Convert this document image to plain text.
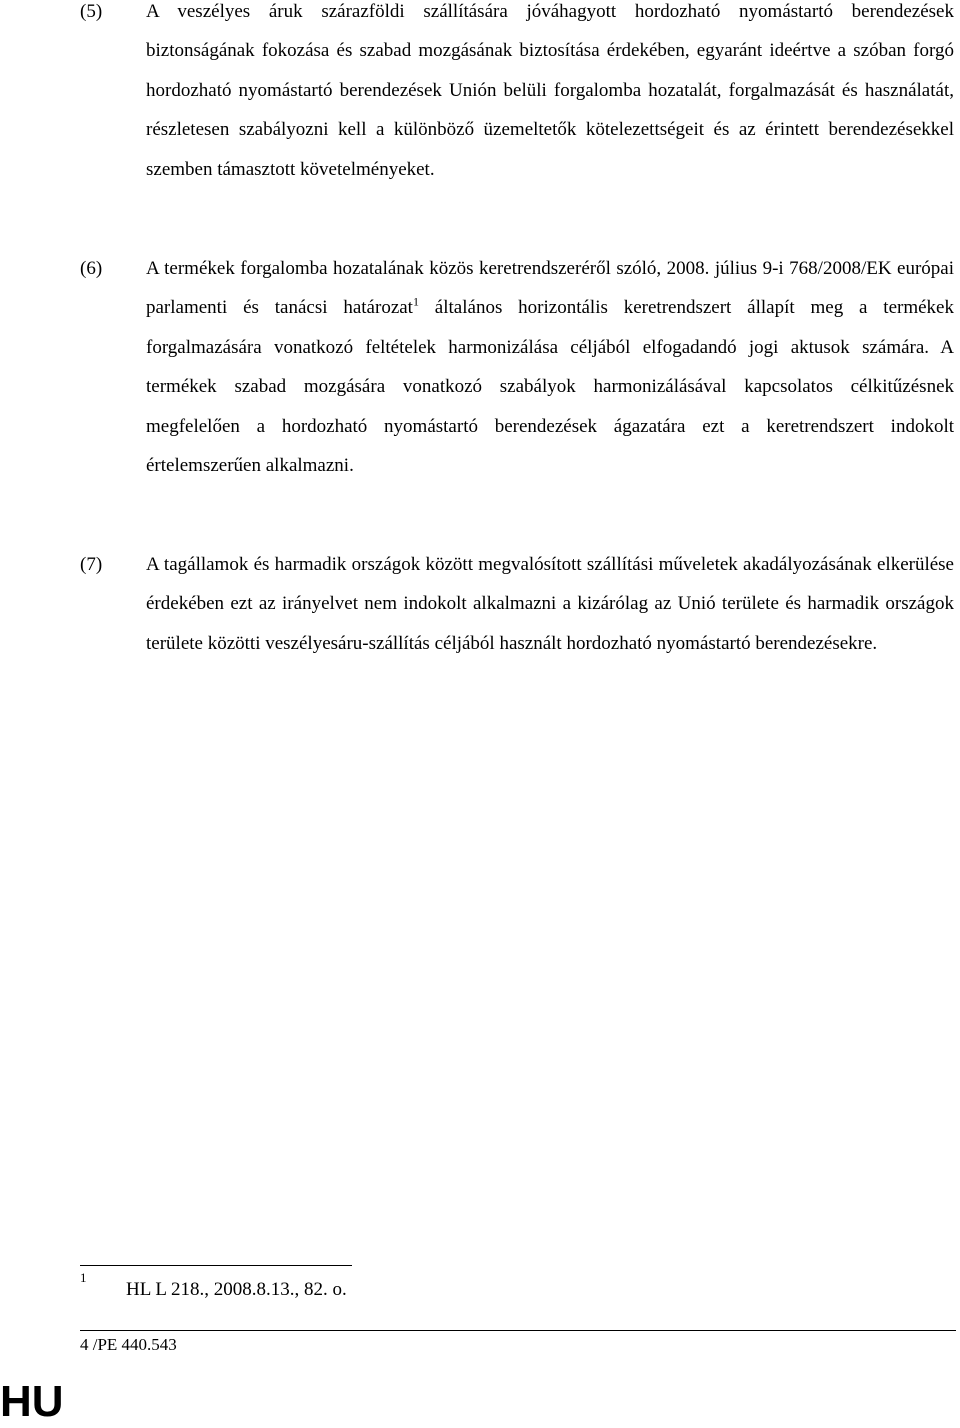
(5) A veszélyes áruk szárazföldi szállítására jóváhagyott hordozható nyomástartó berendezések biztonságának fokozása és szabad mozgásának biztosítása érdekében, egyaránt ideértve a szóban forgó hordozható nyomástartó berendezések Unión belüli forgalomba hozatalát, forgalmazását és használatát, részletesen szabályozni kell a különböző üzemeltetők kötelezettségeit és az érintett berendezésekkel szemben támasztott követelményeket.
(6) A termékek forgalomba hozatalának közös keretrendszeréről szóló, 2008. július 9-i 768/2008/EK európai parlamenti és tanácsi határozat$^1$ általános horizontális keretrendszert állapít meg a termékek forgalmazására vonatkozó feltételek harmonizálása céljából elfogadandó jogi aktusok számára. A termékek szabad mozgására vonatkozó szabályok harmonizálásával kapcsolatos célkitűzésnek megfelelően a hordozható nyomástartó berendezések ágazatára ezt a keretrendszert indokolt értelemszerűen alkalmazni.
(7) A tagállamok és harmadik országok között megvalósított szállítási műveletek akadályozásának elkerülése érdekében ezt az irányelvet nem indokolt alkalmazni a kizárólag az Unió területe és harmadik országok területe közötti veszélyesáru-szállítás céljából használt hordozható nyomástartó berendezésekre.
1
HL L 218., 2008.8.13., 82. o.
4 /PE 440.543
HU
